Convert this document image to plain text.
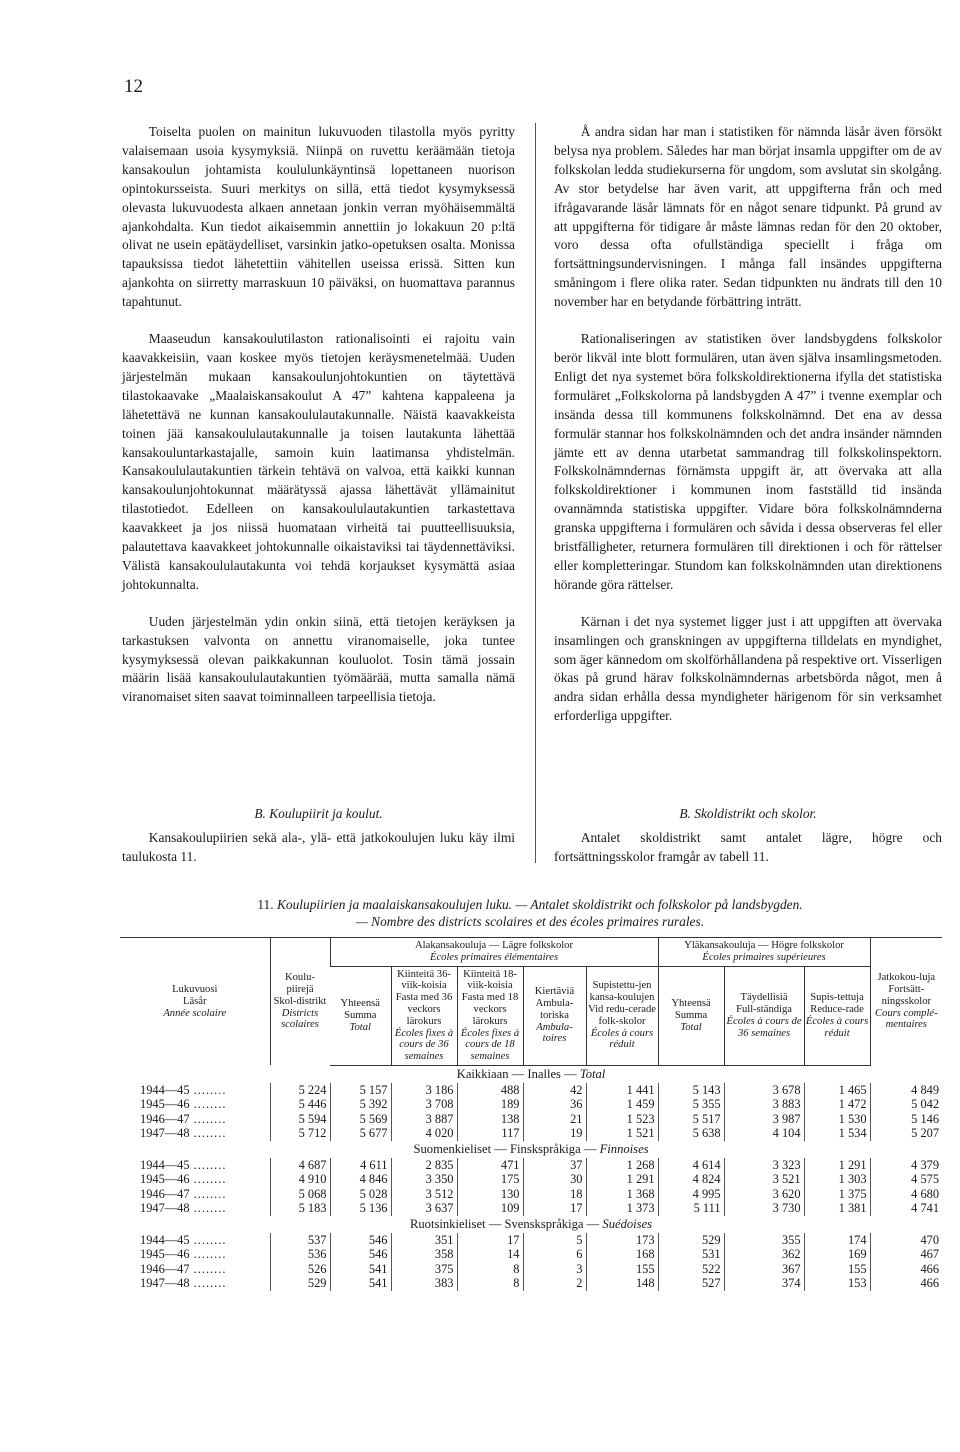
12

Toiselta puolen on mainitun lukuvuoden tilastolla myös pyritty valaisemaan usoia kysymyksiä. Niinpä on ruvettu keräämään tietoja kansakoulun johtamista koululunkäyntinsä lopettaneen nuorison opintokursseista. Suuri merkitys on sillä, että tiedot kysymyksessä olevasta lukuvuodesta alkaen annetaan jonkin verran myöhäisemmältä ajankohdalta. Kun tiedot aikaisemmin annettiin jo lokakuun 20 p:ltä olivat ne usein epätäydelliset, varsinkin jatko-opetuksen osalta. Monissa tapauksissa tiedot lähetettiin vähitellen useissa erissä. Sitten kun ajankohta on siirretty marraskuun 10 päiväksi, on huomattava parannus tapahtunut.

Maaseudun kansakoulutilaston rationalisointi ei rajoitu vain kaavakkeisiin, vaan koskee myös tietojen keräysmenetelmää. Uuden järjestelmän mukaan kansakoulunjohtokuntien on täytettävä tilastokaavake „Maalaiskansakoulut A 47” kahtena kappaleena ja lähetettävä ne kunnan kansakoululautakunnalle. Näistä kaavakkeista toinen jää kansakoululautakunnalle ja toisen lautakunta lähettää kansakouluntarkastajalle, samoin kuin laatimansa yhdistelmän. Kansakoululautakuntien tärkein tehtävä on valvoa, että kaikki kunnan kansakoulunjohtokunnat määrätyssä ajassa lähettävät yllämainitut tilastotiedot. Edelleen on kansakoululautakuntien tarkastettava kaavakkeet ja jos niissä huomataan virheitä tai puutteellisuuksia, palautettava kaavakkeet johtokunnalle oikaistaviksi tai täydennettäviksi. Välistä kansakoululautakunta voi tehdä korjaukset kysymättä asiaa johtokunnalta.

Uuden järjestelmän ydin onkin siinä, että tietojen keräyksen ja tarkastuksen valvonta on annettu viranomaiselle, joka tuntee kysymyksessä olevan paikkakunnan kouluolot. Tosin tämä jossain määrin lisää kansakoululautakuntien työmäärää, mutta samalla nämä viranomaiset siten saavat toiminnalleen tarpeellisia tietoja.

Å andra sidan har man i statistiken för nämnda läsår även försökt belysa nya problem. Således har man börjat insamla uppgifter om de av folkskolan ledda studiekurserna för ungdom, som avslutat sin skolgång. Av stor betydelse har även varit, att uppgifterna från och med ifrågavarande läsår lämnats för en något senare tidpunkt. På grund av att uppgifterna för tidigare år måste lämnas redan för den 20 oktober, voro dessa ofta ofullständiga speciellt i fråga om fortsättningsundervisningen. I många fall insändes uppgifterna småningom i flere olika rater. Sedan tidpunkten nu ändrats till den 10 november har en betydande förbättring inträtt.

Rationaliseringen av statistiken över landsbygdens folkskolor berör likväl inte blott formulären, utan även själva insamlingsmetoden. Enligt det nya systemet böra folkskoldirektionerna ifylla det statistiska formuläret „Folkskolorna på landsbygden A 47” i tvenne exemplar och insända dessa till kommunens folkskolnämnd. Det ena av dessa formulär stannar hos folkskolnämnden och det andra insänder nämnden jämte ett av denna utarbetat sammandrag till folkskolinspektorn. Folkskolnämndernas förnämsta uppgift är, att övervaka att alla folkskoldirektioner i kommunen inom fastställd tid insända ovannämnda statistiska uppgifter. Vidare böra folkskolnämnderna granska uppgifterna i formulären och såvida i dessa observeras fel eller bristfälligheter, returnera formulären till direktionen i och för rättelser eller kompletteringar. Stundom kan folkskolnämnden utan direktionens hörande göra rättelser.

Kärnan i det nya systemet ligger just i att uppgiften att övervaka insamlingen och granskningen av uppgifterna tilldelats en myndighet, som äger kännedom om skolförhållandena på respektive ort. Visserligen ökas på grund härav folkskolnämndernas arbetsbörda något, men å andra sidan erhålla dessa myndigheter härigenom för sin verksamhet erforderliga uppgifter.

B. Koulupiirit ja koulut.
Kansakoulupiirien sekä ala-, ylä- että jatkokoulujen luku käy ilmi taulukosta 11.
B. Skoldistrikt och skolor.
Antalet skoldistrikt samt antalet lägre, högre och fortsättningsskolor framgår av tabell 11.
11. Koulupiirien ja maalaiskansakoulujen luku. — Antalet skoldistrikt och folkskolor på landsbygden.
— Nombre des districts scolaires et des écoles primaires rurales.
Lukuvuosi
Läsår
Année scolaire	Koulu-piirejä
Skol-distrikt
Districts scolaires	Alakansakouluja — Lägre folkskolor
Écoles primaires élémentaires					Yläkansakouluja — Högre folkskolor
Écoles primaires supérieures			Jatkokou-luja
Fortsätt-ningsskolor
Cours complé-mentaires
		Yhteensä
Summa
Total	Kiinteitä 36-viik-koisia
Fasta med 36 veckors lärokurs
Écoles fixes à cours de 36 semaines	Kiinteitä 18-viik-koisia
Fasta med 18 veckors lärokurs
Écoles fixes à cours de 18 semaines	Kiertäviä
Ambula-toriska
Ambula-toires	Supistettu-jen kansa-koulujen
Vid redu-cerade folk-skolor
Écoles à cours réduit	Yhteensä
Summa
Total	Täydellisiä
Full-ständiga
Écoles à cours de 36 semaines	Supis-tettuja
Reduce-rade
Écoles à cours réduit	
Kaikkiaan — Inalles — Total										
1944—45 ........	5 224	5 157	3 186	488	42	1 441	5 143	3 678	1 465	4 849
1945—46 ........	5 446	5 392	3 708	189	36	1 459	5 355	3 883	1 472	5 042
1946—47 ........	5 594	5 569	3 887	138	21	1 523	5 517	3 987	1 530	5 146
1947—48 ........	5 712	5 677	4 020	117	19	1 521	5 638	4 104	1 534	5 207
Suomenkieliset — Finskspråkiga — Finnoises										
1944—45 ........	4 687	4 611	2 835	471	37	1 268	4 614	3 323	1 291	4 379
1945—46 ........	4 910	4 846	3 350	175	30	1 291	4 824	3 521	1 303	4 575
1946—47 ........	5 068	5 028	3 512	130	18	1 368	4 995	3 620	1 375	4 680
1947—48 ........	5 183	5 136	3 637	109	17	1 373	5 111	3 730	1 381	4 741
Ruotsinkieliset — Svenskspråkiga — Suédoises										
1944—45 ........	537	546	351	17	5	173	529	355	174	470
1945—46 ........	536	546	358	14	6	168	531	362	169	467
1946—47 ........	526	541	375	8	3	155	522	367	155	466
1947—48 ........	529	541	383	8	2	148	527	374	153	466
